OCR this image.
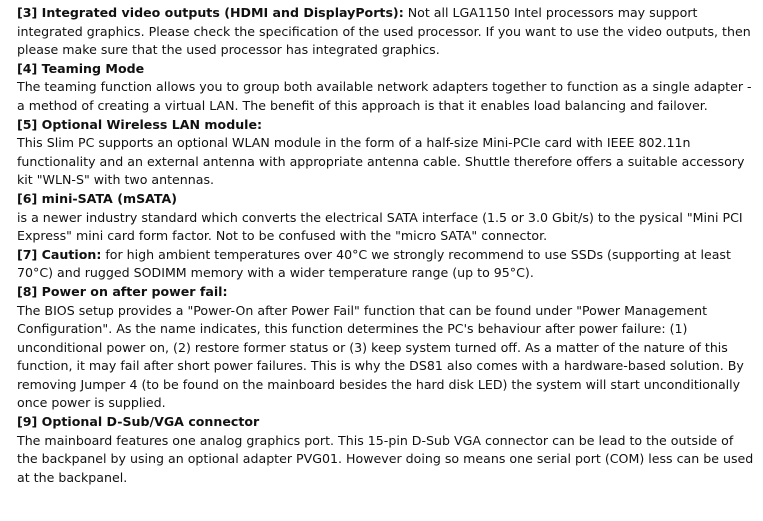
[3] Integrated video outputs (HDMI and DisplayPorts): Not all LGA1150 Intel processors may support integrated graphics. Please check the specification of the used processor. If you want to use the video outputs, then please make sure that the used processor has integrated graphics.

[4] Teaming Mode

The teaming function allows you to group both available network adapters together to function as a single adapter - a method of creating a virtual LAN. The benefit of this approach is that it enables load balancing and failover.

[5] Optional Wireless LAN module:

This Slim PC supports an optional WLAN module in the form of a half-size Mini-PCIe card with IEEE 802.11n functionality and an external antenna with appropriate antenna cable. Shuttle therefore offers a suitable accessory kit "WLN-S" with two antennas.

[6] mini-SATA (mSATA)

is a newer industry standard which converts the electrical SATA interface (1.5 or 3.0 Gbit/s) to the pysical "Mini PCI Express" mini card form factor. Not to be confused with the "micro SATA" connector.

[7] Caution: for high ambient temperatures over 40°C we strongly recommend to use SSDs (supporting at least 70°C) and rugged SODIMM memory with a wider temperature range (up to 95°C).

[8] Power on after power fail:

The BIOS setup provides a "Power-On after Power Fail" function that can be found under "Power Management Configuration". As the name indicates, this function determines the PC's behaviour after power failure: (1) unconditional power on, (2) restore former status or (3) keep system turned off. As a matter of the nature of this function, it may fail after short power failures. This is why the DS81 also comes with a hardware-based solution. By removing Jumper 4 (to be found on the mainboard besides the hard disk LED) the system will start unconditionally once power is supplied.

[9] Optional D-Sub/VGA connector

The mainboard features one analog graphics port. This 15-pin D-Sub VGA connector can be lead to the outside of the backpanel by using an optional adapter PVG01. However doing so means one serial port (COM) less can be used at the backpanel.
